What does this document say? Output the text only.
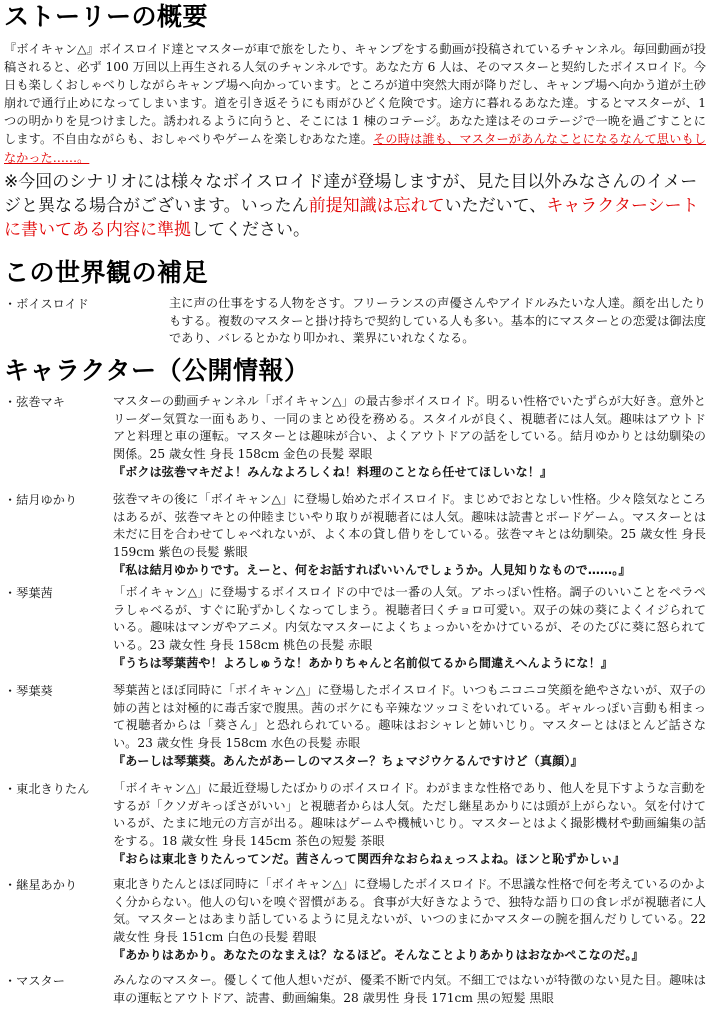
ストーリーの概要
『ボイキャン△』ボイスロイド達とマスターが車で旅をしたり、キャンプをする動画が投稿されているチャンネル。毎回動画が投稿されると、必ず 100 万回以上再生される人気のチャンネルです。あなた方 6 人は、そのマスターと契約したボイスロイド。今日も楽しくおしゃべりしながらキャンプ場へ向かっています。ところが道中突然大雨が降りだし、キャンプ場へ向かう道が土砂崩れで通行止めになってしまいます。道を引き返そうにも雨がひどく危険です。途方に暮れるあなた達。するとマスターが、1 つの明かりを見つけました。誘われるように向うと、そこには 1 棟のコテージ。あなた達はそのコテージで一晩を過ごすことにします。不自由ながらも、おしゃべりやゲームを楽しむあなた達。その時は誰も、マスターがあんなことになるなんて思いもしなかった……。
※今回のシナリオには様々なボイスロイド達が登場しますが、見た目以外みなさんのイメージと異なる場合がございます。いったん前提知識は忘れていただいて、キャラクターシートに書いてある内容に準拠してください。
この世界観の補足
・ボイスロイド	主に声の仕事をする人物をさす。フリーランスの声優さんやアイドルみたいな人達。顔を出したりもする。複数のマスターと掛け持ちで契約している人も多い。基本的にマスターとの恋愛は御法度であり、バレるとかなり叩かれ、業界にいれなくなる。
キャラクター（公開情報）
・弦巻マキ	マスターの動画チャンネル「ボイキャン△」の最古参ボイスロイド。明るい性格でいたずらが大好き。意外とリーダー気質な一面もあり、一同のまとめ役を務める。スタイルが良く、視聴者には人気。趣味はアウトドアと料理と車の運転。マスターとは趣味が合い、よくアウトドアの話をしている。結月ゆかりとは幼馴染の関係。25 歳女性 身長 158cm 金色の長髪 翠眼
『ボクは弦巻マキだよ！みんなよろしくね！料理のことなら任せてほしいな！』
・結月ゆかり	弦巻マキの後に「ボイキャン△」に登場し始めたボイスロイド。まじめでおとなしい性格。少々陰気なところはあるが、弦巻マキとの仲睦まじいやり取りが視聴者には人気。趣味は読書とボードゲーム。マスターとは未だに目を合わせてしゃべれないが、よく本の貸し借りをしている。弦巻マキとは幼馴染。25 歳女性 身長 159cm 紫色の長髪 紫眼
『私は結月ゆかりです。えーと、何をお話すればいいんでしょうか。人見知りなもので……。』
・琴葉茜	「ボイキャン△」に登場するボイスロイドの中では一番の人気。アホっぽい性格。調子のいいことをペラペラしゃべるが、すぐに恥ずかしくなってしまう。視聴者曰くチョロ可愛い。双子の妹の葵によくイジられている。趣味はマンガやアニメ。内気なマスターによくちょっかいをかけているが、そのたびに葵に怒られている。23 歳女性 身長 158cm 桃色の長髪 赤眼
『うちは琴葉茜や！よろしゅうな！あかりちゃんと名前似てるから間違えへんようにな！』
・琴葉葵	琴葉茜とほぼ同時に「ボイキャン△」に登場したボイスロイド。いつもニコニコ笑顔を絶やさないが、双子の姉の茜とは対極的に毒舌家で腹黒。茜のボケにも辛辣なツッコミをいれている。ギャルっぽい言動も相まって視聴者からは「葵さん」と恐れられている。趣味はおシャレと姉いじり。マスターとはほとんど話さない。23 歳女性 身長 158cm 水色の長髪 赤眼
『あーしは琴葉葵。あんたがあーしのマスター？ちょマジウケるんですけど（真顔）』
・東北きりたん 「ボイキャン△」に最近登場したばかりのボイスロイド。わがままな性格であり、他人を見下すような言動をするが「クソガキっぽさがいい」と視聴者からは人気。ただし継星あかりには頭が上がらない。気を付けているが、たまに地元の方言が出る。趣味はゲームや機械いじり。マスターとはよく撮影機材や動画編集の話をする。18 歳女性 身長 145cm 茶色の短髪 茶眼
『おらは東北きりたんってンだ。茜さんって関西弁なおらねぇっスよね。ほンと恥ずかしぃ』
・継星あかり	東北きりたんとほぼ同時に「ボイキャン△」に登場したボイスロイド。不思議な性格で何を考えているのかよく分からない。他人の匂いを嗅ぐ習慣がある。食事が大好きなようで、独特な語り口の食レポが視聴者に人気。マスターとはあまり話しているように見えないが、いつのまにかマスターの腕を掴んだりしている。22 歳女性 身長 151cm 白色の長髪 碧眼
『あかりはあかり。あなたのなまえは？なるほど。そんなことよりあかりはおなかぺこなのだ。』
・マスター	みんなのマスター。優しくて他人想いだが、優柔不断で内気。不細工ではないが特徴のない見た目。趣味は車の運転とアウトドア、読書、動画編集。28 歳男性 身長 171cm 黒の短髪 黒眼
